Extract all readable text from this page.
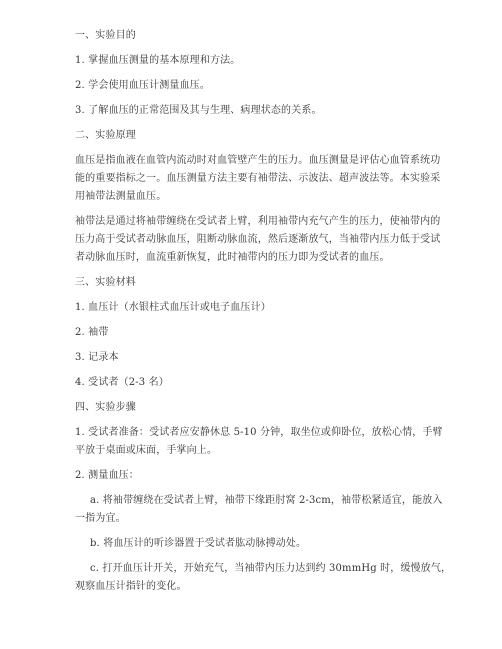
一、实验目的
1. 掌握血压测量的基本原理和方法。
2. 学会使用血压计测量血压。
3. 了解血压的正常范围及其与生理、病理状态的关系。
二、实验原理
血压是指血液在血管内流动时对血管壁产生的压力。血压测量是评估心血管系统功
能的重要指标之一。血压测量方法主要有袖带法、示波法、超声波法等。本实验采
用袖带法测量血压。
袖带法是通过将袖带缠绕在受试者上臂，利用袖带内充气产生的压力，使袖带内的
压力高于受试者动脉血压，阻断动脉血流，然后逐渐放气，当袖带内压力低于受试
者动脉血压时，血流重新恢复，此时袖带内的压力即为受试者的血压。
三、实验材料
1. 血压计（水银柱式血压计或电子血压计）
2. 袖带
3. 记录本
4. 受试者（2-3 名）
四、实验步骤
1. 受试者准备：受试者应安静休息 5-10 分钟，取坐位或仰卧位，放松心情，手臂
平放于桌面或床面，手掌向上。
2. 测量血压：
a. 将袖带缠绕在受试者上臂，袖带下缘距肘窝 2-3cm，袖带松紧适宜，能放入
一指为宜。
b. 将血压计的听诊器置于受试者肱动脉搏动处。
c. 打开血压计开关，开始充气，当袖带内压力达到约 30mmHg 时，缓慢放气，
观察血压计指针的变化。
